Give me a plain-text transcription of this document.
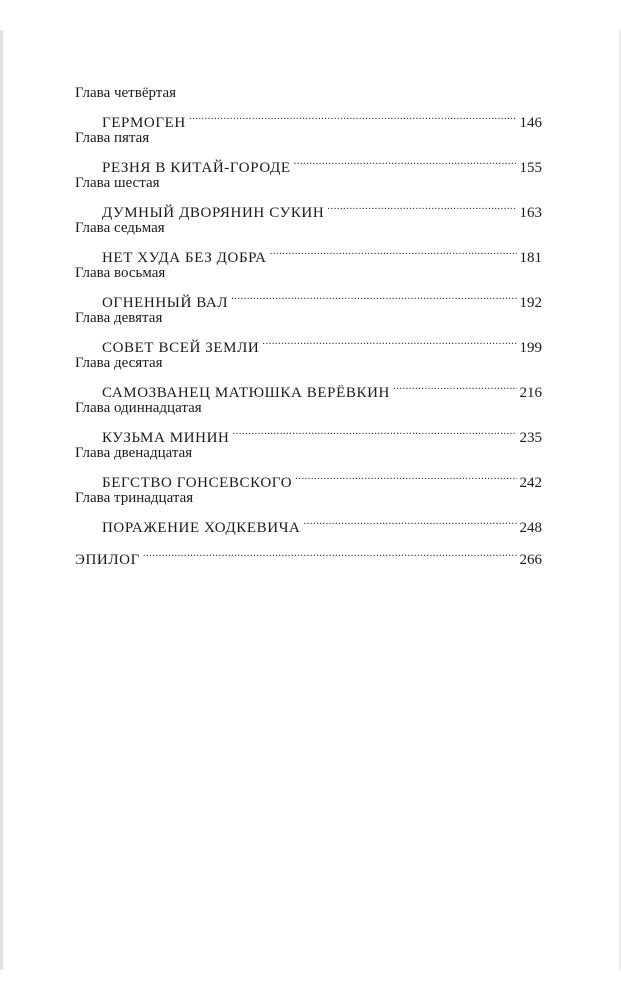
Глава четвёртая
ГЕРМОГЕН .....	146
Глава пятая
РЕЗНЯ В КИТАЙ-ГОРОДЕ .....	155
Глава шестая
ДУМНЫЙ ДВОРЯНИН СУКИН .....	163
Глава седьмая
НЕТ ХУДА БЕЗ ДОБРА .....	181
Глава восьмая
ОГНЕННЫЙ ВАЛ .....	192
Глава девятая
СОВЕТ ВСЕЙ ЗЕМЛИ .....	199
Глава десятая
САМОЗВАНЕЦ МАТЮШКА ВЕРЁВКИН .....	216
Глава одиннадцатая
КУЗЬМА МИНИН .....	235
Глава двенадцатая
БЕГСТВО ГОНСЕВСКОГО .....	242
Глава тринадцатая
ПОРАЖЕНИЕ ХОДКЕВИЧА .....	248
ЭПИЛОГ .....	266
